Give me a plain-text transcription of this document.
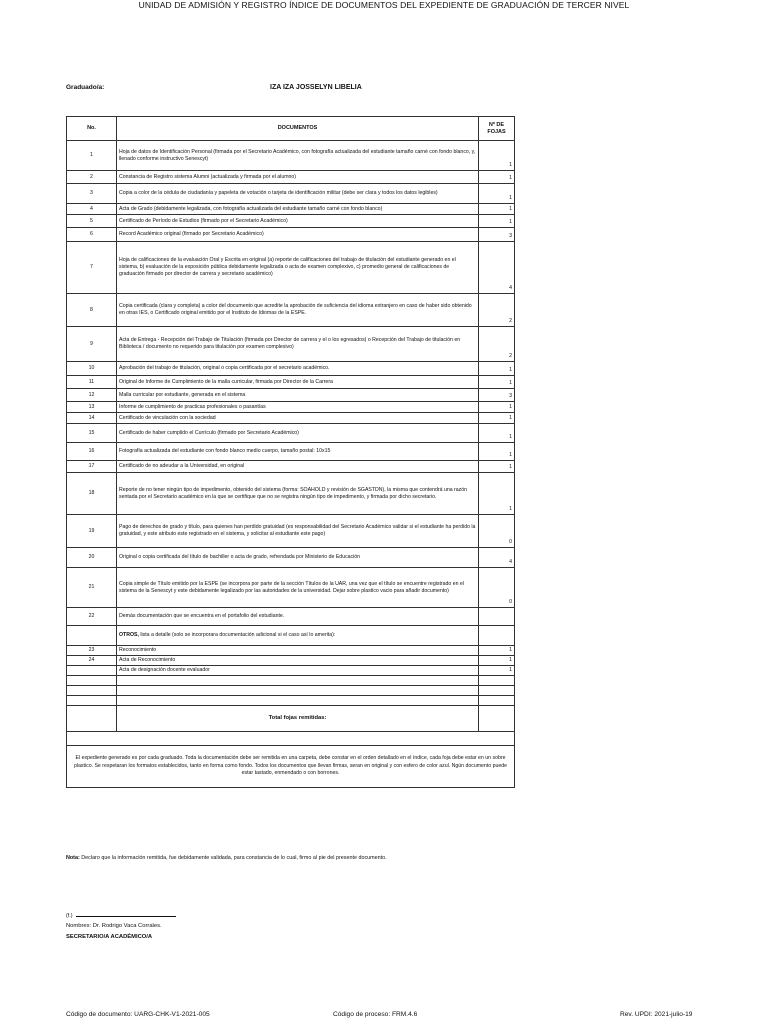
UNIDAD DE ADMISIÓN Y REGISTRO ÍNDICE DE DOCUMENTOS DEL EXPEDIENTE DE GRADUACIÓN DE TERCER NIVEL
Graduado/a:	IZA IZA JOSSELYN LIBELIA
No.	DOCUMENTOS	Nº DE FOJAS
1	Hoja de datos de Identificación Personal (firmada por el Secretario Académico, con fotografía actualizada del estudiante tamaño carné con fondo blanco, y, llenado conforme instructivo Senescyt)	1
2	Constancia de Registro sistema Alumni (actualizada y firmada por el alumno)	1
3	Copia a color de la cédula de ciudadanía y papeleta de votación o tarjeta de identificación militar (debe ser clara y todos los datos legibles)	1
4	Acta de Grado (debidamente legalizada, con fotografía actualizada del estudiante tamaño carné con fondo blanco)	1
5	Certificado de Período de Estudios (firmado por el Secretario Académico)	1
6	Record Académico original (firmado por Secretario Académico)	3
7	Hoja de calificaciones de la evaluación Oral y Escrita en original (a) reporte de calificaciones del trabajo de titulación del estudiante generado en el sistema, b) evaluación de la exposición pública debidamente legalizada o acta de examen complexivo, c) promedio general de calificaciones de graduación firmado por director de carrera y secretario académico)	4
8	Copia certificada (clara y completa) a color del documento que acredite la aprobación de suficiencia del idioma extranjero en caso de haber sido obtenido en otras IES, o Certificado original emitido por el Instituto de Idiomas de la ESPE.	2
9	Acta de Entrega - Recepción del Trabajo de Titulación (firmada por Director de carrera y el o los egresados) o Recepción del Trabajo de titulación en Biblioteca / documento no requerido para titulación por examen complexivo)	2
10	Aprobación del trabajo de titulación, original o copia certificada por el secretario académico.	1
11	Original de Informe de Cumplimiento de la malla curricular, firmada por Director de la Carrera	1
12	Malla curricular por estudiante, generada en el sistema	3
13	Informe de cumplimiento de practicas profesionales o pasantías	1
14	Certificado de vinculación con la sociedad	1
15	Certificado de haber cumplido el Currículo (firmado por Secretario Académico)	1
16	Fotografía actualizada del estudiante con fondo blanco medio cuerpo, tamaño postal: 10x15	1
17	Certificado de no adeudar a la Universidad, en original	1
18	Reporte de no tener ningún tipo de impedimento, obtenido del sistema (forma: SOAHOLD y revisión de SGASTDN), la misma que contendrá una razón sentada por el Secretario académico en la que se certifique que no se registra ningún tipo de impedimento, y firmada por dicho secretario.	1
19	Pago de derechos de grado y título, para quienes han perdido gratuidad (es responsabilidad del Secretario Académico validar si el estudiante ha perdido la gratuidad, y este atributo este registrado en el sistema, y solicitar al estudiante este pago)	0
20	Original o copia certificada del título de bachiller o acta de grado, refrendada por Ministerio de Educación	4
21	Copia simple de Título emitido por la ESPE (se incorpora por parte de la sección Títulos de la UAR, una vez que el título se encuentre registrado en el sistema de la Senescyt y este debidamente legalizado por las autoridades de la universidad. Dejar sobre plastico vacio para añadir documento)	0
22	Demás documentación que se encuentra en el portafolio del estudiante.	
	OTROS, lista a detalle (solo se incorporara documentación adicional si el caso así lo amerita):	
23	Reconocimiento	1
24	Acta de Reconocimiento	1
	Acta de designación docente evaluador	1

	Total fojas remitidas:	

El expediente generado es por cada graduado. Toda la documentación debe ser remitida en una carpeta, debe constar en el orden detallado en el índice, cada foja debe estar en un sobre plastico. Se respetaran los formatos establecidos, tanto en forma como fondo. Todos los documentos que llevan firmas, seran en original y con esfero de color azul. Ngún documento puede estar tastado, enmendado o con borrones.		
Nota: Declaro que la información remitida, fue debidamente validada, para constancia de lo cual, firmo al pie del presente documento.
(f.)
Nombres: Dr. Rodrigo Vaca Corrales.
SECRETARIO/A ACADÉMICO/A
Código de documento: UARG-CHK-V1-2021-005	Código de proceso: FRM.4.6	Rev. UPDI: 2021-julio-19
